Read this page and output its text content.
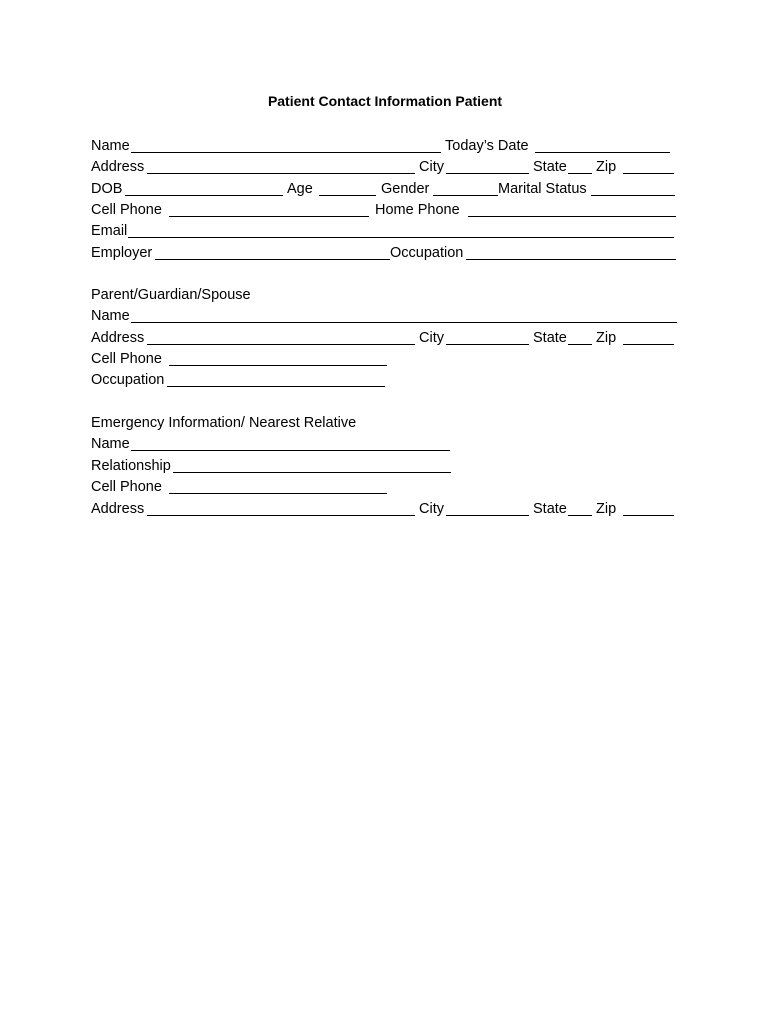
Patient Contact Information Patient
Name	Today’s Date
Address	City	State Zip
DOB	Age	Gender	Marital Status
Cell Phone	Home Phone
Email
Employer	Occupation
Parent/Guardian/Spouse
Name
Address	City	State Zip
Cell Phone
Occupation
Emergency Information/ Nearest Relative
Name
Relationship
Cell Phone
Address	City	State Zip
